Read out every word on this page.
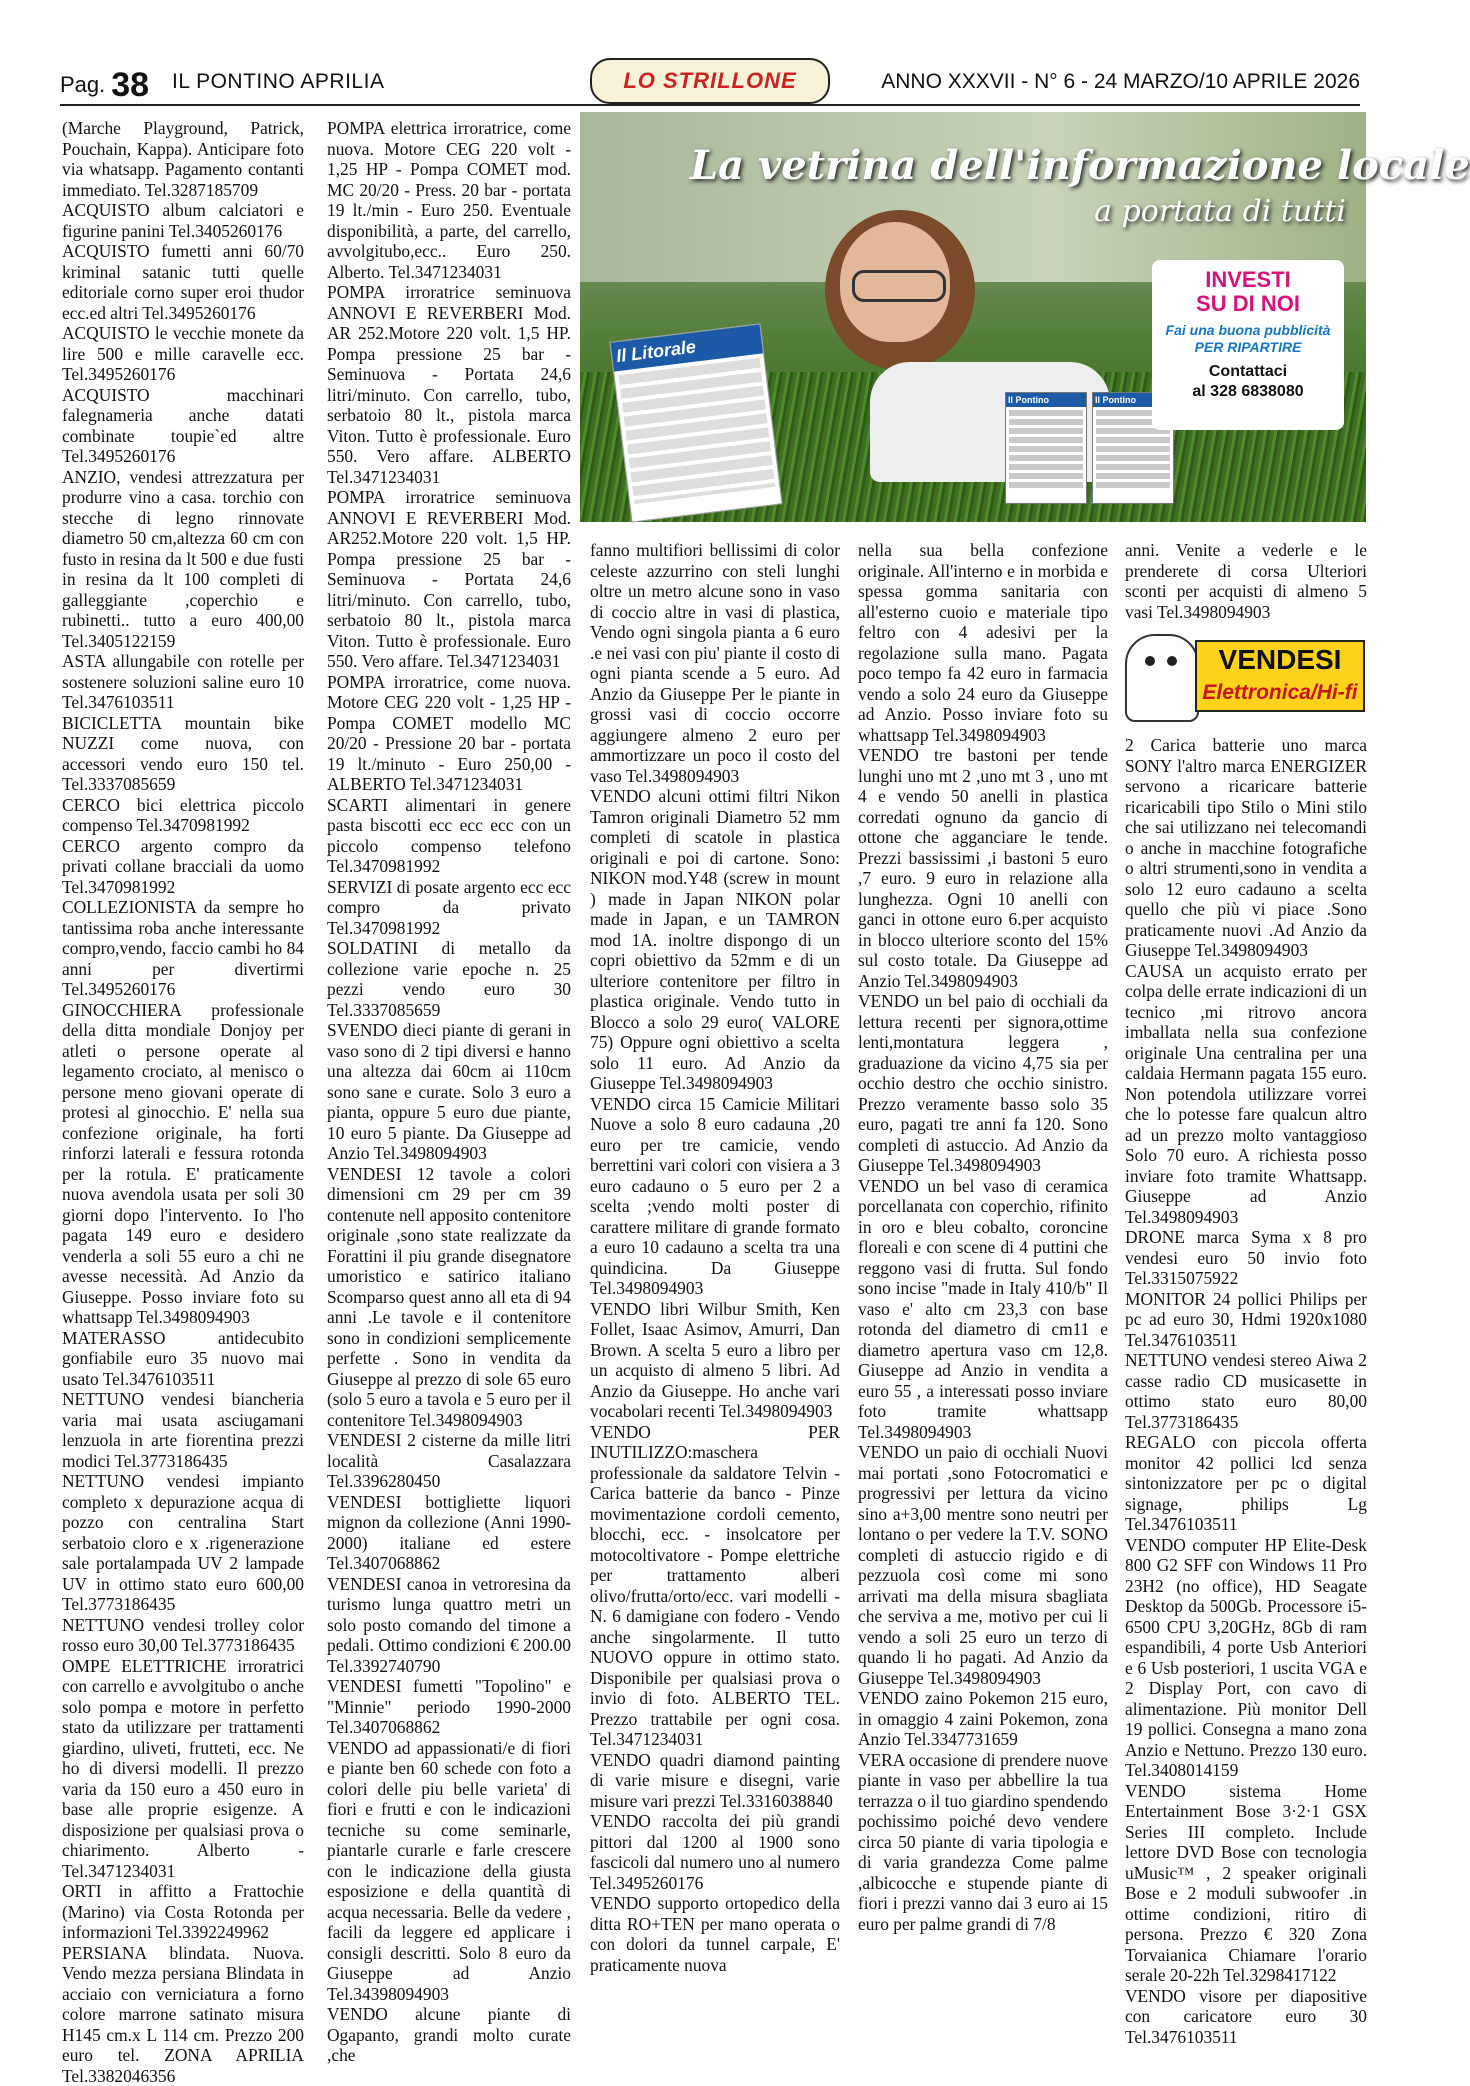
Pag. 38 IL PONTINO APRILIA	LO STRILLONE	ANNO XXXVII - N° 6 - 24 MARZO/10 APRILE 2026

(Marche Playground, Patrick, Pouchain, Kappa). Anticipare foto via whatsapp. Pagamento contanti immediato. Tel.3287185709

ACQUISTO album calciatori e figurine panini Tel.3405260176

ACQUISTO fumetti anni 60/70 kriminal satanic tutti quelle editoriale corno super eroi thudor ecc.ed altri Tel.3495260176

ACQUISTO le vecchie monete da lire 500 e mille caravelle ecc. Tel.3495260176

ACQUISTO macchinari falegnameria anche datati combinate toupie`ed altre Tel.3495260176

ANZIO, vendesi attrezzatura per produrre vino a casa. torchio con stecche di legno rinnovate diametro 50 cm,altezza 60 cm con fusto in resina da lt 500 e due fusti in resina da lt 100 completi di galleggiante ,coperchio e rubinetti.. tutto a euro 400,00 Tel.3405122159

ASTA allungabile con rotelle per sostenere soluzioni saline euro 10 Tel.3476103511

BICICLETTA mountain bike NUZZI come nuova, con accessori vendo euro 150 tel. Tel.3337085659

CERCO bici elettrica piccolo compenso Tel.3470981992

CERCO argento compro da privati collane bracciali da uomo Tel.3470981992

COLLEZIONISTA da sempre ho tantissima roba anche interessante compro,vendo, faccio cambi ho 84 anni per divertirmi Tel.3495260176

GINOCCHIERA professionale della ditta mondiale Donjoy per atleti o persone operate al legamento crociato, al menisco o persone meno giovani operate di protesi al ginocchio. E' nella sua confezione originale, ha forti rinforzi laterali e fessura rotonda per la rotula. E' praticamente nuova avendola usata per soli 30 giorni dopo l'intervento. Io l'ho pagata 149 euro e desidero venderla a soli 55 euro a chi ne avesse necessità. Ad Anzio da Giuseppe. Posso inviare foto su whattsapp Tel.3498094903

MATERASSO antidecubito gonfiabile euro 35 nuovo mai usato Tel.3476103511

NETTUNO vendesi biancheria varia mai usata asciugamani lenzuola in arte fiorentina prezzi modici Tel.3773186435

NETTUNO vendesi impianto completo x depurazione acqua di pozzo con centralina Start serbatoio cloro e x .rigenerazione sale portalampada UV 2 lampade UV in ottimo stato euro 600,00 Tel.3773186435

NETTUNO vendesi trolley color rosso euro 30,00 Tel.3773186435

OMPE ELETTRICHE irroratrici con carrello e avvolgitubo o anche solo pompa e motore in perfetto stato da utilizzare per trattamenti giardino, uliveti, frutteti, ecc. Ne ho di diversi modelli. Il prezzo varia da 150 euro a 450 euro in base alle proprie esigenze. A disposizione per qualsiasi prova o chiarimento. Alberto - Tel.3471234031

ORTI in affitto a Frattochie (Marino) via Costa Rotonda per informazioni Tel.3392249962

PERSIANA blindata. Nuova. Vendo mezza persiana Blindata in acciaio con verniciatura a forno colore marrone satinato misura H145 cm.x L 114 cm. Prezzo 200 euro tel. ZONA APRILIA Tel.3382046356

POMPA elettrica irroratrice, come nuova. Motore CEG 220 volt - 1,25 HP - Pompa COMET mod. MC 20/20 - Press. 20 bar - portata 19 lt./min - Euro 250. Eventuale disponibilità, a parte, del carrello, avvolgitubo,ecc.. Euro 250. Alberto. Tel.3471234031

POMPA irroratrice seminuova ANNOVI E REVERBERI Mod. AR 252.Motore 220 volt. 1,5 HP. Pompa pressione 25 bar - Seminuova - Portata 24,6 litri/minuto. Con carrello, tubo, serbatoio 80 lt., pistola marca Viton. Tutto è professionale. Euro 550. Vero affare. ALBERTO Tel.3471234031

POMPA irroratrice seminuova ANNOVI E REVERBERI Mod. AR252.Motore 220 volt. 1,5 HP. Pompa pressione 25 bar - Seminuova - Portata 24,6 litri/minuto. Con carrello, tubo, serbatoio 80 lt., pistola marca Viton. Tutto è professionale. Euro 550. Vero affare. Tel.3471234031

POMPA irroratrice, come nuova. Motore CEG 220 volt - 1,25 HP - Pompa COMET modello MC 20/20 - Pressione 20 bar - portata 19 lt./minuto - Euro 250,00 - ALBERTO Tel.3471234031

SCARTI alimentari in genere pasta biscotti ecc ecc ecc con un piccolo compenso telefono Tel.3470981992

SERVIZI di posate argento ecc ecc compro da privato Tel.3470981992

SOLDATINI di metallo da collezione varie epoche n. 25 pezzi vendo euro 30 Tel.3337085659

SVENDO dieci piante di gerani in vaso sono di 2 tipi diversi e hanno una altezza dai 60cm ai 110cm sono sane e curate. Solo 3 euro a pianta, oppure 5 euro due piante, 10 euro 5 piante. Da Giuseppe ad Anzio Tel.3498094903

VENDESI 12 tavole a colori dimensioni cm 29 per cm 39 contenute nell apposito contenitore originale ,sono state realizzate da Forattini il piu grande disegnatore umoristico e satirico italiano Scomparso quest anno all eta di 94 anni .Le tavole e il contenitore sono in condizioni semplicemente perfette . Sono in vendita da Giuseppe al prezzo di sole 65 euro (solo 5 euro a tavola e 5 euro per il contenitore Tel.3498094903

VENDESI 2 cisterne da mille litri località Casalazzara Tel.3396280450

VENDESI bottigliette liquori mignon da collezione (Anni 1990-2000) italiane ed estere Tel.3407068862

VENDESI canoa in vetroresina da turismo lunga quattro metri un solo posto comando del timone a pedali. Ottimo condizioni € 200.00 Tel.3392740790

VENDESI fumetti "Topolino" e "Minnie" periodo 1990-2000 Tel.3407068862

VENDO ad appassionati/e di fiori e piante ben 60 schede con foto a colori delle piu belle varieta' di fiori e frutti e con le indicazioni tecniche su come seminarle, piantarle curarle e farle crescere con le indicazione della giusta esposizione e della quantità di acqua necessaria. Belle da vedere , facili da leggere ed applicare i consigli descritti. Solo 8 euro da Giuseppe ad Anzio Tel.34398094903

VENDO alcune piante di Ogapanto, grandi molto curate ,che

Il Litorale
Il Pontino	Il Pontino
La vetrina dell'informazione locale
a portata di tutti
INVESTI
SU DI NOI
Fai una buona pubblicità
PER RIPARTIRE
Contattaci
al 328 6838080

fanno multifiori bellissimi di color celeste azzurrino con steli lunghi oltre un metro alcune sono in vaso di coccio altre in vasi di plastica, Vendo ogni singola pianta a 6 euro .e nei vasi con piu' piante il costo di ogni pianta scende a 5 euro. Ad Anzio da Giuseppe Per le piante in grossi vasi di coccio occorre aggiungere almeno 2 euro per ammortizzare un poco il costo del vaso Tel.3498094903

VENDO alcuni ottimi filtri Nikon Tamron originali Diametro 52 mm completi di scatole in plastica originali e poi di cartone. Sono: NIKON mod.Y48 (screw in mount ) made in Japan NIKON polar made in Japan, e un TAMRON mod 1A. inoltre dispongo di un copri obiettivo da 52mm e di un ulteriore contenitore per filtro in plastica originale. Vendo tutto in Blocco a solo 29 euro( VALORE 75) Oppure ogni obiettivo a scelta solo 11 euro. Ad Anzio da Giuseppe Tel.3498094903

VENDO circa 15 Camicie Militari Nuove a solo 8 euro cadauna ,20 euro per tre camicie, vendo berrettini vari colori con visiera a 3 euro cadauno o 5 euro per 2 a scelta ;vendo molti poster di carattere militare di grande formato a euro 10 cadauno a scelta tra una quindicina. Da Giuseppe Tel.3498094903

VENDO libri Wilbur Smith, Ken Follet, Isaac Asimov, Amurri, Dan Brown. A scelta 5 euro a libro per un acquisto di almeno 5 libri. Ad Anzio da Giuseppe. Ho anche vari vocabolari recenti Tel.3498094903

VENDO PER INUTILIZZO:maschera professionale da saldatore Telvin - Carica batterie da banco - Pinze movimentazione cordoli cemento, blocchi, ecc. - insolcatore per motocoltivatore - Pompe elettriche per trattamento alberi olivo/frutta/orto/ecc. vari modelli - N. 6 damigiane con fodero - Vendo anche singolarmente. Il tutto NUOVO oppure in ottimo stato. Disponibile per qualsiasi prova o invio di foto. ALBERTO TEL. Prezzo trattabile per ogni cosa. Tel.3471234031

VENDO quadri diamond painting di varie misure e disegni, varie misure vari prezzi Tel.3316038840

VENDO raccolta dei più grandi pittori dal 1200 al 1900 sono fascicoli dal numero uno al numero Tel.3495260176

VENDO supporto ortopedico della ditta RO+TEN per mano operata o con dolori da tunnel carpale, E' praticamente nuova

nella sua bella confezione originale. All'interno e in morbida e spessa gomma sanitaria con all'esterno cuoio e materiale tipo feltro con 4 adesivi per la regolazione sulla mano. Pagata poco tempo fa 42 euro in farmacia vendo a solo 24 euro da Giuseppe ad Anzio. Posso inviare foto su whattsapp Tel.3498094903

VENDO tre bastoni per tende lunghi uno mt 2 ,uno mt 3 , uno mt 4 e vendo 50 anelli in plastica corredati ognuno da gancio di ottone che agganciare le tende. Prezzi bassissimi ,i bastoni 5 euro ,7 euro. 9 euro in relazione alla lunghezza. Ogni 10 anelli con ganci in ottone euro 6.per acquisto in blocco ulteriore sconto del 15% sul costo totale. Da Giuseppe ad Anzio Tel.3498094903

VENDO un bel paio di occhiali da lettura recenti per signora,ottime lenti,montatura leggera , graduazione da vicino 4,75 sia per occhio destro che occhio sinistro. Prezzo veramente basso solo 35 euro, pagati tre anni fa 120. Sono completi di astuccio. Ad Anzio da Giuseppe Tel.3498094903

VENDO un bel vaso di ceramica porcellanata con coperchio, rifinito in oro e bleu cobalto, coroncine floreali e con scene di 4 puttini che reggono vasi di frutta. Sul fondo sono incise "made in Italy 410/b" Il vaso e' alto cm 23,3 con base rotonda del diametro di cm11 e diametro apertura vaso cm 12,8. Giuseppe ad Anzio in vendita a euro 55 , a interessati posso inviare foto tramite whattsapp Tel.3498094903

VENDO un paio di occhiali Nuovi mai portati ,sono Fotocromatici e progressivi per lettura da vicino sino a+3,00 mentre sono neutri per lontano o per vedere la T.V. SONO completi di astuccio rigido e di pezzuola così come mi sono arrivati ma della misura sbagliata che serviva a me, motivo per cui li vendo a soli 25 euro un terzo di quando li ho pagati. Ad Anzio da Giuseppe Tel.3498094903

VENDO zaino Pokemon 215 euro, in omaggio 4 zaini Pokemon, zona Anzio Tel.3347731659

VERA occasione di prendere nuove piante in vaso per abbellire la tua terrazza o il tuo giardino spendendo pochissimo poiché devo vendere circa 50 piante di varia tipologia e di varia grandezza Come palme ,albicocche e stupende piante di fiori i prezzi vanno dai 3 euro ai 15 euro per palme grandi di 7/8

anni. Venite a vederle e le prenderete di corsa Ulteriori sconti per acquisti di almeno 5 vasi Tel.3498094903

VENDESI
Elettronica/Hi-fi

2 Carica batterie uno marca SONY l'altro marca ENERGIZER servono a ricaricare batterie ricaricabili tipo Stilo o Mini stilo che sai utilizzano nei telecomandi o anche in macchine fotografiche o altri strumenti,sono in vendita a solo 12 euro cadauno a scelta quello che più vi piace .Sono praticamente nuovi .Ad Anzio da Giuseppe Tel.3498094903

CAUSA un acquisto errato per colpa delle errate indicazioni di un tecnico ,mi ritrovo ancora imballata nella sua confezione originale Una centralina per una caldaia Hermann pagata 155 euro. Non potendola utilizzare vorrei che lo potesse fare qualcun altro ad un prezzo molto vantaggioso Solo 70 euro. A richiesta posso inviare foto tramite Whattsapp. Giuseppe ad Anzio Tel.3498094903

DRONE marca Syma x 8 pro vendesi euro 50 invio foto Tel.3315075922

MONITOR 24 pollici Philips per pc ad euro 30, Hdmi 1920x1080 Tel.3476103511

NETTUNO vendesi stereo Aiwa 2 casse radio CD musicasette in ottimo stato euro 80,00 Tel.3773186435

REGALO con piccola offerta monitor 42 pollici lcd senza sintonizzatore per pc o digital signage, philips Lg Tel.3476103511

VENDO computer HP Elite-Desk 800 G2 SFF con Windows 11 Pro 23H2 (no office), HD Seagate Desktop da 500Gb. Processore i5-6500 CPU 3,20GHz, 8Gb di ram espandibili, 4 porte Usb Anteriori e 6 Usb posteriori, 1 uscita VGA e 2 Display Port, con cavo di alimentazione. Più monitor Dell 19 pollici. Consegna a mano zona Anzio e Nettuno. Prezzo 130 euro. Tel.3408014159

VENDO sistema Home Entertainment Bose 3·2·1 GSX Series III completo. Include lettore DVD Bose con tecnologia uMusic™ , 2 speaker originali Bose e 2 moduli subwoofer .in ottime condizioni, ritiro di persona. Prezzo € 320 Zona Torvaianica Chiamare l'orario serale 20-22h Tel.3298417122

VENDO visore per diapositive con caricatore euro 30 Tel.3476103511
